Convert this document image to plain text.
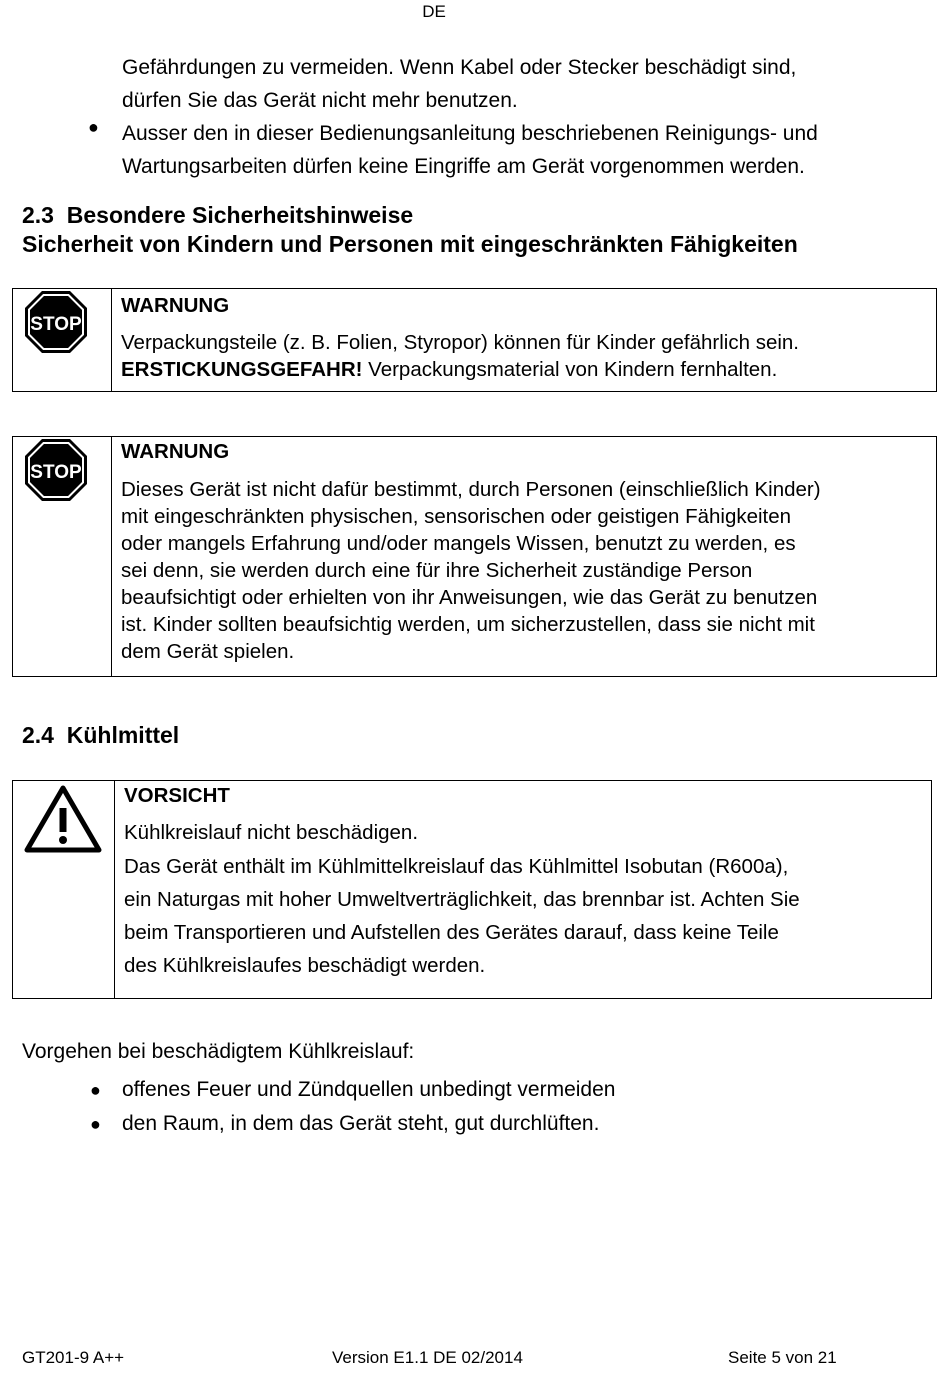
DE

Gefährdungen zu vermeiden. Wenn Kabel oder Stecker beschädigt sind,

dürfen Sie das Gerät nicht mehr benutzen.

● Ausser den in dieser Bedienungsanleitung beschriebenen Reinigungs- und

Wartungsarbeiten dürfen keine Eingriffe am Gerät vorgenommen werden.

2.3  Besondere Sicherheitshinweise

Sicherheit von Kindern und Personen mit eingeschränkten Fähigkeiten

STOP

WARNUNG

Verpackungsteile (z. B. Folien, Styropor) können für Kinder gefährlich sein.

ERSTICKUNGSGEFAHR! Verpackungsmaterial von Kindern fernhalten.

STOP

WARNUNG

Dieses Gerät ist nicht dafür bestimmt, durch Personen (einschließlich Kinder)

mit eingeschränkten physischen, sensorischen oder geistigen Fähigkeiten

oder mangels Erfahrung und/oder mangels Wissen, benutzt zu werden, es

sei denn, sie werden durch eine für ihre Sicherheit zuständige Person

beaufsichtigt oder erhielten von ihr Anweisungen, wie das Gerät zu benutzen

ist. Kinder sollten beaufsichtig werden, um sicherzustellen, dass sie nicht mit

dem Gerät spielen.

2.4  Kühlmittel

VORSICHT

Kühlkreislauf nicht beschädigen.

Das Gerät enthält im Kühlmittelkreislauf das Kühlmittel Isobutan (R600a),

ein Naturgas mit hoher Umweltverträglichkeit, das brennbar ist. Achten Sie

beim Transportieren und Aufstellen des Gerätes darauf, dass keine Teile

des Kühlkreislaufes beschädigt werden.

Vorgehen bei beschädigtem Kühlkreislauf:

● offenes Feuer und Zündquellen unbedingt vermeiden
● den Raum, in dem das Gerät steht, gut durchlüften.
GT201-9 A++	Version E1.1 DE 02/2014	Seite 5 von 21
